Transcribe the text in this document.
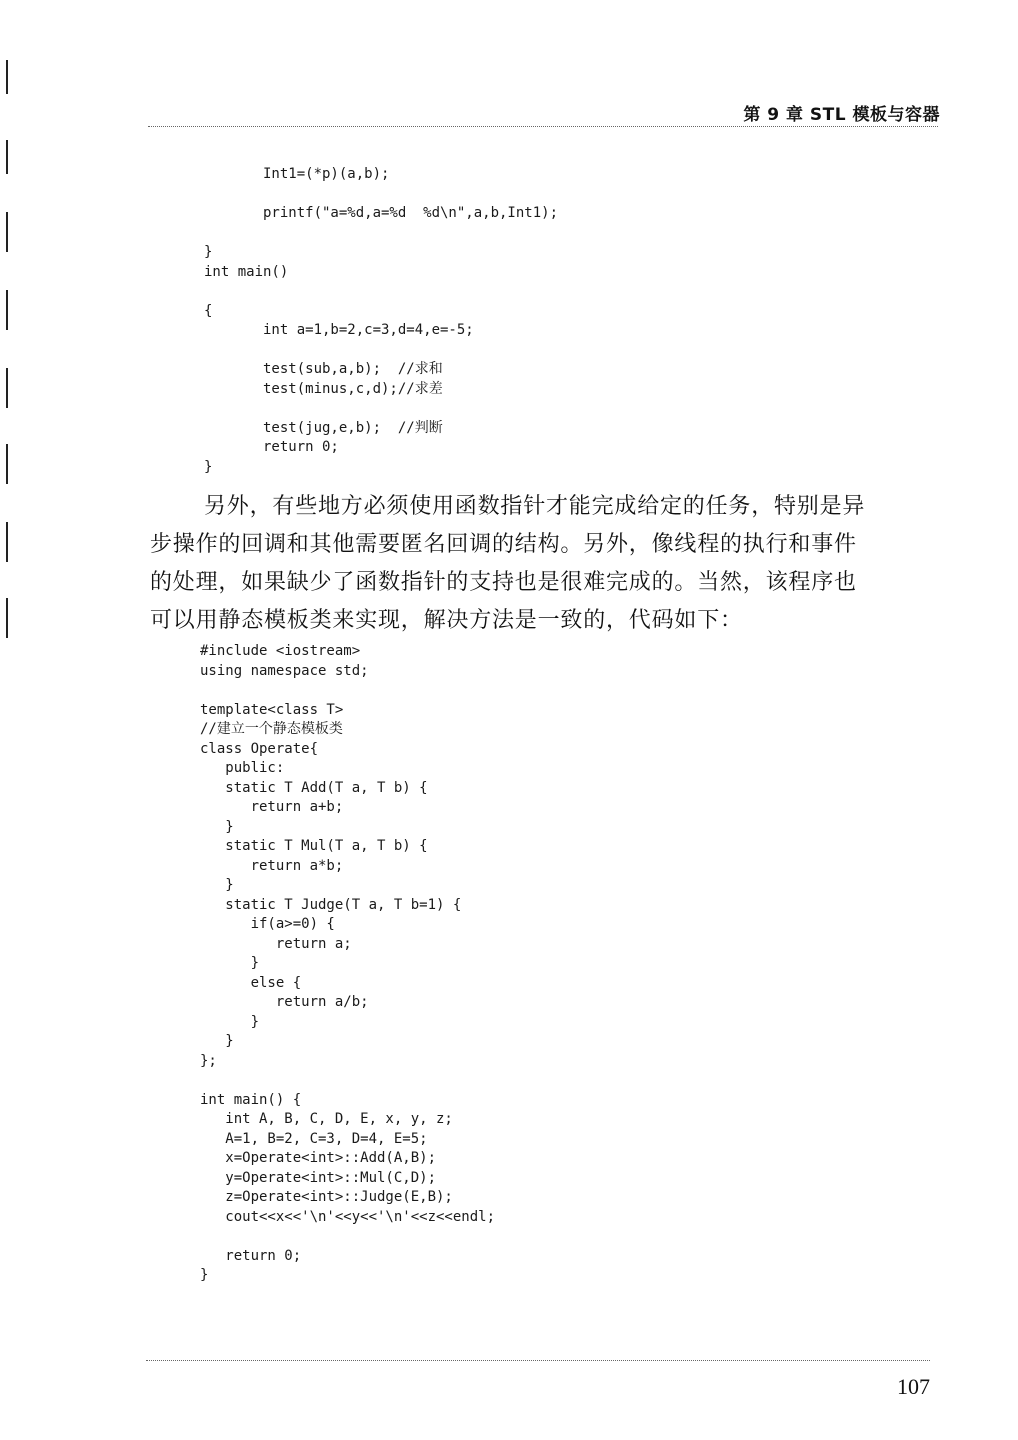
第 9 章 STL 模板与容器
Int1=(*p)(a,b);
printf("a=%d,a=%d  %d\n",a,b,Int1);
}
int main()
{
int a=1,b=2,c=3,d=4,e=-5;
test(sub,a,b);  //求和
test(minus,c,d);//求差
test(jug,e,b);  //判断
return 0;
}
另外，有些地方必须使用函数指针才能完成给定的任务，特别是异
步操作的回调和其他需要匿名回调的结构。另外，像线程的执行和事件
的处理，如果缺少了函数指针的支持也是很难完成的。当然，该程序也
可以用静态模板类来实现，解决方法是一致的，代码如下：
#include <iostream>
using namespace std;
template<class T>
//建立一个静态模板类
class Operate{
public:
static T Add(T a, T b) {
return a+b;
}
static T Mul(T a, T b) {
return a*b;
}
static T Judge(T a, T b=1) {
if(a>=0) {
return a;
}
else {
return a/b;
}
}
};
int main() {
int A, B, C, D, E, x, y, z;
A=1, B=2, C=3, D=4, E=5;
x=Operate<int>::Add(A,B);
y=Operate<int>::Mul(C,D);
z=Operate<int>::Judge(E,B);
cout<<x<<'\n'<<y<<'\n'<<z<<endl;
return 0;
}
107
